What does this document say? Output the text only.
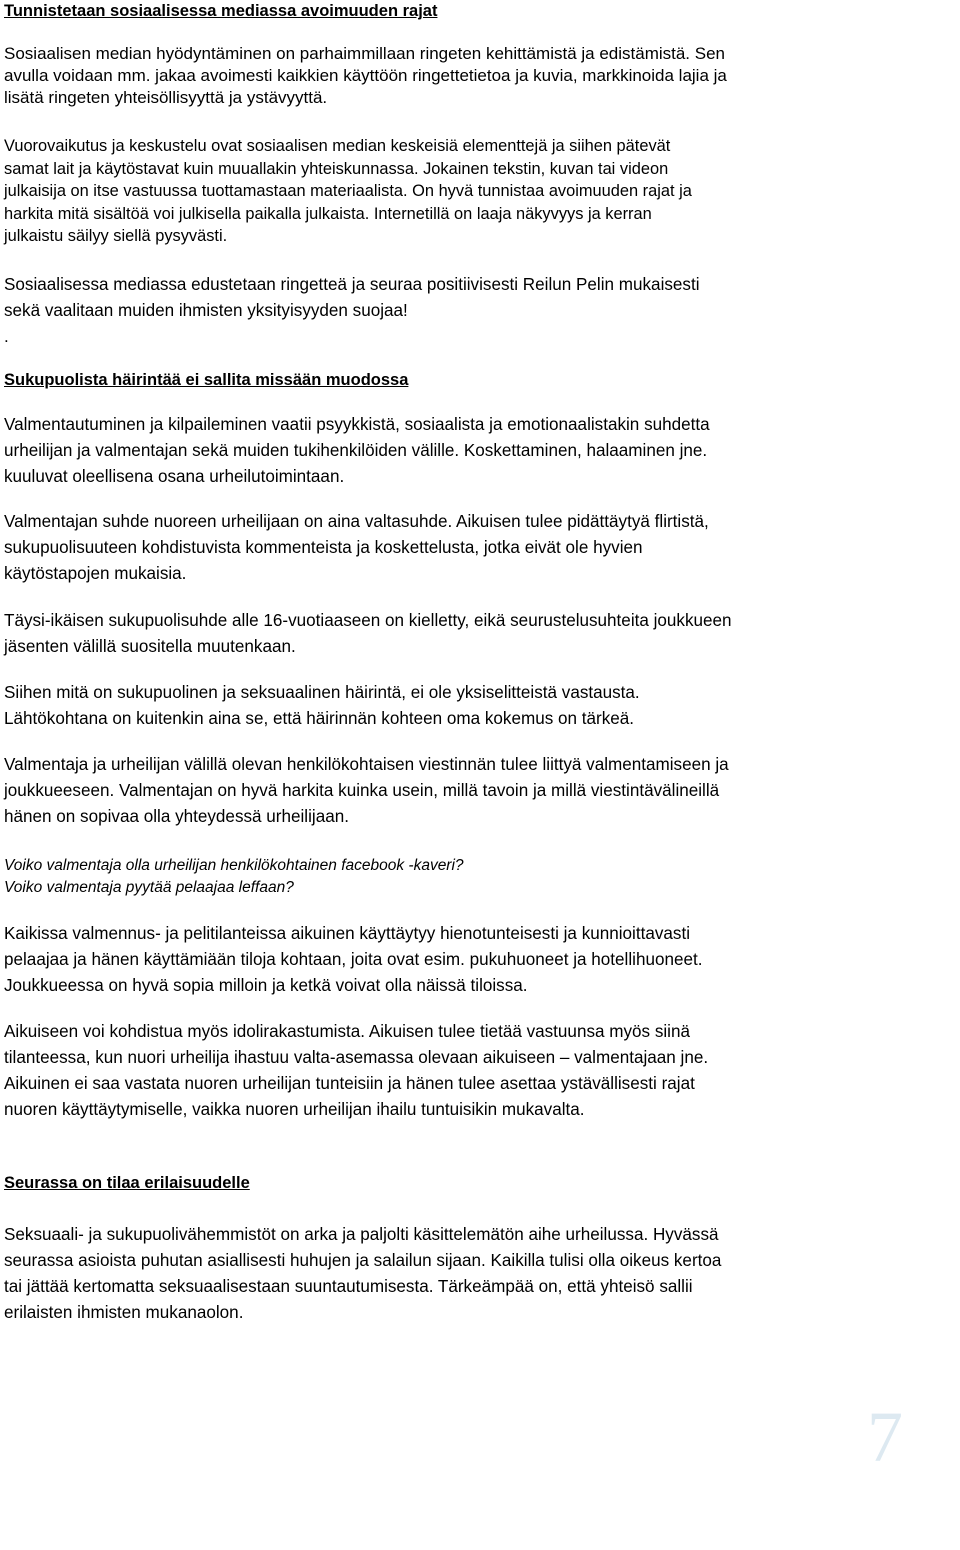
Tunnistetaan sosiaalisessa mediassa avoimuuden rajat

Sosiaalisen median hyödyntäminen on parhaimmillaan ringeten kehittämistä ja edistämistä. Sen

avulla voidaan mm. jakaa avoimesti kaikkien käyttöön ringettetietoa ja kuvia, markkinoida lajia ja

lisätä ringeten yhteisöllisyyttä ja ystävyyttä.

Vuorovaikutus ja keskustelu ovat sosiaalisen median keskeisiä elementtejä ja siihen pätevät

samat lait ja käytöstavat kuin muuallakin yhteiskunnassa. Jokainen tekstin, kuvan tai videon

julkaisija on itse vastuussa tuottamastaan materiaalista. On hyvä tunnistaa avoimuuden rajat ja

harkita mitä sisältöä voi julkisella paikalla julkaista. Internetillä on laaja näkyvyys ja kerran

julkaistu säilyy siellä pysyvästi.

Sosiaalisessa mediassa edustetaan ringetteä ja seuraa positiivisesti Reilun Pelin mukaisesti

sekä vaalitaan muiden ihmisten yksityisyyden suojaa!

.

Sukupuolista häirintää ei sallita missään muodossa

Valmentautuminen ja kilpaileminen vaatii psyykkistä, sosiaalista ja emotionaalistakin suhdetta

urheilijan ja valmentajan sekä muiden tukihenkilöiden välille. Koskettaminen, halaaminen jne.

kuuluvat oleellisena osana urheilutoimintaan.

Valmentajan suhde nuoreen urheilijaan on aina valtasuhde. Aikuisen tulee pidättäytyä flirtistä,

sukupuolisuuteen kohdistuvista kommenteista ja koskettelusta, jotka eivät ole hyvien

käytöstapojen mukaisia.

Täysi-ikäisen sukupuolisuhde alle 16-vuotiaaseen on kielletty, eikä seurustelusuhteita joukkueen

jäsenten välillä suositella muutenkaan.

Siihen mitä on sukupuolinen ja seksuaalinen häirintä, ei ole yksiselitteistä vastausta.

Lähtökohtana on kuitenkin aina se, että häirinnän kohteen oma kokemus on tärkeä.

Valmentaja ja urheilijan välillä olevan henkilökohtaisen viestinnän tulee liittyä valmentamiseen ja

joukkueeseen. Valmentajan on hyvä harkita kuinka usein, millä tavoin ja millä viestintävälineillä

hänen on sopivaa olla yhteydessä urheilijaan.

Voiko valmentaja olla urheilijan henkilökohtainen facebook -kaveri?

Voiko valmentaja pyytää pelaajaa leffaan?

Kaikissa valmennus- ja pelitilanteissa aikuinen käyttäytyy hienotunteisesti ja kunnioittavasti

pelaajaa ja hänen käyttämiään tiloja kohtaan, joita ovat esim. pukuhuoneet ja hotellihuoneet.

Joukkueessa on hyvä sopia milloin ja ketkä voivat olla näissä tiloissa.

Aikuiseen voi kohdistua myös idolirakastumista. Aikuisen tulee tietää vastuunsa myös siinä

tilanteessa, kun nuori urheilija ihastuu valta-asemassa olevaan aikuiseen – valmentajaan jne.

Aikuinen ei saa vastata nuoren urheilijan tunteisiin ja hänen tulee asettaa ystävällisesti rajat

nuoren käyttäytymiselle, vaikka nuoren urheilijan ihailu tuntuisikin mukavalta.

Seurassa on tilaa erilaisuudelle

Seksuaali- ja sukupuolivähemmistöt on arka ja paljolti käsittelemätön aihe urheilussa. Hyvässä

seurassa asioista puhutan asiallisesti huhujen ja salailun sijaan. Kaikilla tulisi olla oikeus kertoa

tai jättää kertomatta seksuaalisestaan suuntautumisesta. Tärkeämpää on, että yhteisö sallii

erilaisten ihmisten mukanaolon.

7
